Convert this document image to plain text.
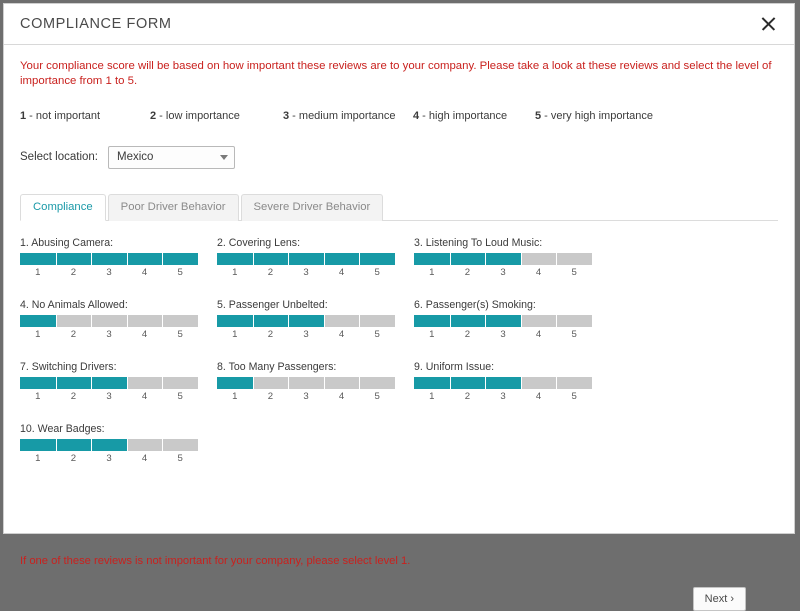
COMPLIANCE FORM

Your compliance score will be based on how important these reviews are to your company. Please take a look at these reviews and select the level of importance from 1 to 5.

1 - not important	2 - low importance	3 - medium importance	4 - high importance	5 - very high importance
Select location: Mexico
Compliance	Poor Driver Behavior	Severe Driver Behavior
1. Abusing Camera:
1	2	3	4	5
2. Covering Lens:
1	2	3	4	5
3. Listening To Loud Music:
1	2	3	4	5
4. No Animals Allowed:
1	2	3	4	5
5. Passenger Unbelted:
1	2	3	4	5
6. Passenger(s) Smoking:
1	2	3	4	5
7. Switching Drivers:
1	2	3	4	5
8. Too Many Passengers:
1	2	3	4	5
9. Uniform Issue:
1	2	3	4	5
10. Wear Badges:
1	2	3	4	5
If one of these reviews is not important for your company, please select level 1.
Next ›
